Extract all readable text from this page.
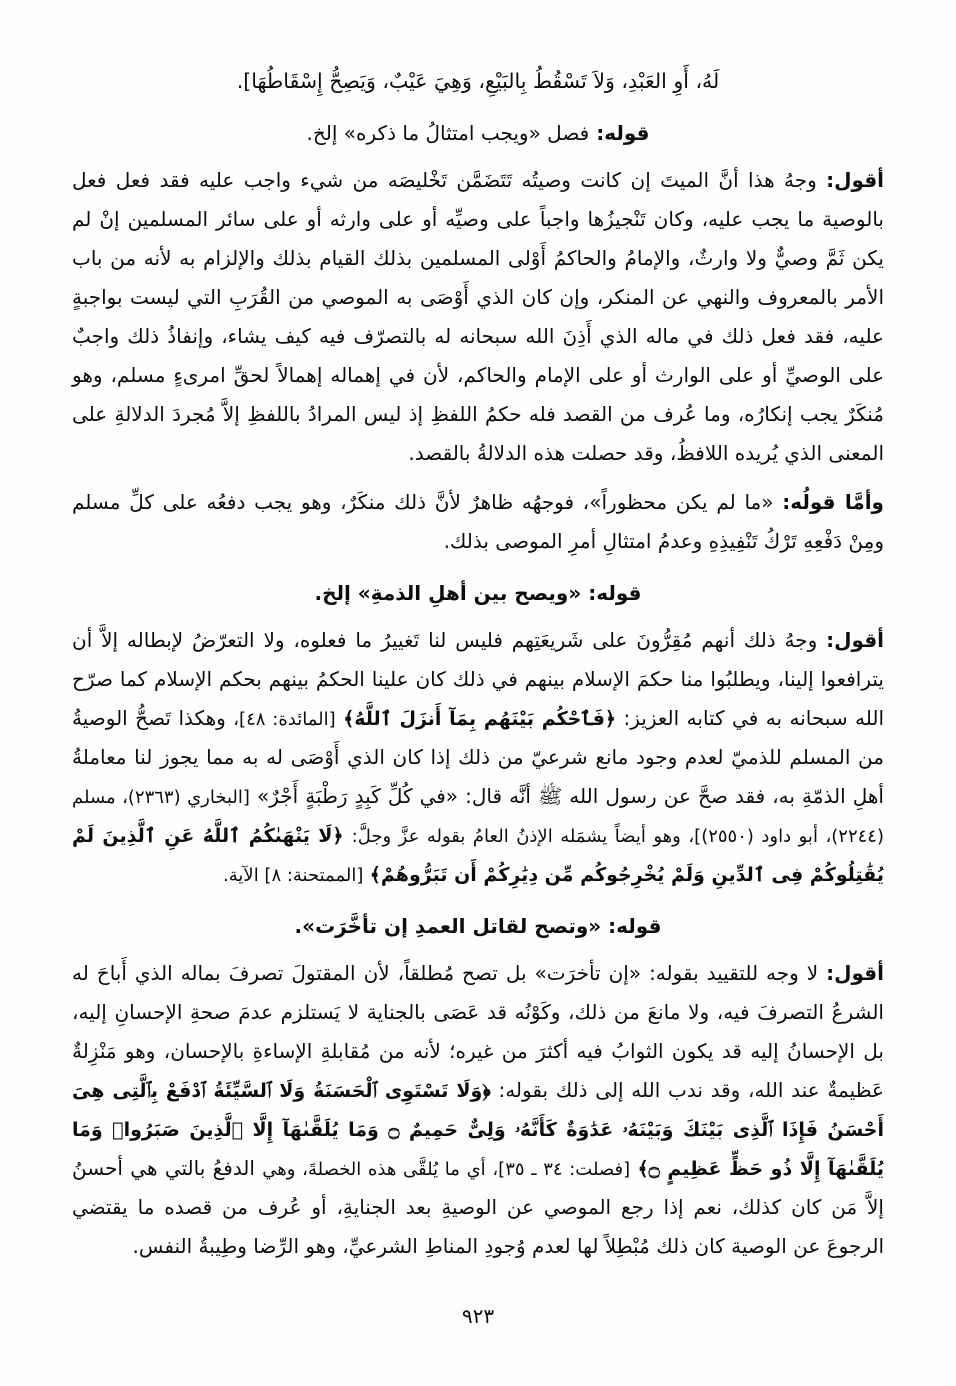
لَهُ، أَوِ العَبْدِ، وَلاَ تَسْقُطُ بِالبَيْعِ، وَهِيَ عَيْبٌ، وَيَصِحُّ إِسْقَاطُهَا].
قوله: فصل «ويجب امتثالُ ما ذكره» إلخ.

أقول: وجهُ هذا أنَّ الميتَ إن كانت وصيتُه تَتَضَمَّن تَخْليصَه من شيء واجب عليه فقد فعل فعل بالوصية ما يجب عليه، وكان تَنْجيزُها واجباً على وصيِّه أو على وارثه أو على سائر المسلمين إنْ لم يكن ثَمَّ وصيٌّ ولا وارثٌ، والإمامُ والحاكمُ أَوْلى المسلمين بذلك القيام بذلك والإلزام به لأنه من باب الأمر بالمعروف والنهي عن المنكر، وإن كان الذي أَوْصَى به الموصي من القُرَبِ التي ليست بواجبةٍ عليه، فقد فعل ذلك في ماله الذي أَذِنَ الله سبحانه له بالتصرّف فيه كيف يشاء، وإنفاذُ ذلك واجبٌ على الوصيِّ أو على الوارث أو على الإمام والحاكم، لأن في إهماله إهمالاً لحقِّ امرىءٍ مسلم، وهو مُنكَرٌ يجب إنكارُه، وما عُرف من القصد فله حكمُ اللفظِ إذ ليس المرادُ باللفظِ إلاَّ مُجردَ الدلالةِ على المعنى الذي يُريده اللافظُ، وقد حصلت هذه الدلالةُ بالقصد.

وأمَّا قولُه: «ما لم يكن محظوراً»، فوجهُه ظاهرٌ لأنَّ ذلك منكَرٌ، وهو يجب دفعُه على كلِّ مسلم ومِنْ دَفْعِهِ تَرْكُ تَنْفِيذِهِ وعدمُ امتثالِ أمرِ الموصى بذلك.

قوله: «ويصح بين أهلِ الذمةِ» إلخ.

أقول: وجهُ ذلك أنهم مُقِرُّونَ على شَريعَتِهم فليس لنا تَغييرُ ما فعلوه، ولا التعرّضُ لإبطاله إلاَّ أن يترافعوا إلينا، ويطلبُوا منا حكمَ الإسلام بينهم في ذلك كان علينا الحكمُ بينهم بحكم الإسلام كما صرّح الله سبحانه به في كتابه العزيز: ﴿فَٱحْكُم بَيْنَهُم بِمَآ أَنزَلَ ٱللَّهُ﴾ [المائدة: ٤٨]، وهكذا تَصحُّ الوصيةُ من المسلم للذميّ لعدم وجود مانع شرعيّ من ذلك إذا كان الذي أَوْصَى له به مما يجوز لنا معاملةُ أهلِ الذمّةِ به، فقد صحَّ عن رسول الله ﷺ أنَّه قال: «في كُلِّ كَبِدٍ رَطْبَةٍ أَجْرٌ» [البخاري (٢٣٦٣)، مسلم (٢٢٤٤)، أبو داود (٢٥٥٠)]، وهو أيضاً يشمَله الإذنُ العامُ بقوله عزَّ وجلَّ: ﴿لَا يَنْهَىٰكُمُ ٱللَّهُ عَنِ ٱلَّذِينَ لَمْ يُقَٰتِلُوكُمْ فِى ٱلدِّينِ وَلَمْ يُخْرِجُوكُم مِّن دِيَٰرِكُمْ أَن تَبَرُّوهُمْ﴾ [الممتحنة: ٨] الآية.

قوله: «وتصح لقاتل العمدِ إن تأخَّرَت».

أقول: لا وجه للتقييد بقوله: «إن تأخرَت» بل تصح مُطلقاً، لأن المقتولَ تصرفَ بماله الذي أَباحَ له الشرعُ التصرفَ فيه، ولا مانعَ من ذلك، وكَوْنُه قد عَصَى بالجناية لا يَستلزم عدمَ صحةِ الإحسانِ إليه، بل الإحسانُ إليه قد يكون الثوابُ فيه أكثرَ من غيره؛ لأنه من مُقابلةِ الإساءةِ بالإحسان، وهو مَنْزِلةٌ عَظيمةٌ عند الله، وقد ندب الله إلى ذلك بقوله: ﴿وَلَا تَسْتَوِى ٱلْحَسَنَةُ وَلَا ٱلسَّيِّئَةُ ٱدْفَعْ بِٱلَّتِى هِىَ أَحْسَنُ فَإِذَا ٱلَّذِى بَيْنَكَ وَبَيْنَهُۥ عَدَٰوَةٌ كَأَنَّهُۥ وَلِىٌّ حَمِيمٌ ۝ وَمَا يُلَقَّىٰهَآ إِلَّا ٱلَّذِينَ صَبَرُوا۟ وَمَا يُلَقَّىٰهَآ إِلَّا ذُو حَظٍّ عَظِيمٍ ۝﴾ [فصلت: ٣٤ ـ ٣٥]، أي ما يُلقَّى هذه الخصلةَ، وهي الدفعُ بالتي هي أحسنُ إلاَّ مَن كان كذلك، نعم إذا رجع الموصي عن الوصيةِ بعد الجنايةِ، أو عُرف من قصده ما يقتضي الرجوعَ عن الوصية كان ذلك مُبْطِلاً لها لعدم وُجودِ المناطِ الشرعيِّ، وهو الرِّضا وطِيبةُ النفس.

٩٢٣
